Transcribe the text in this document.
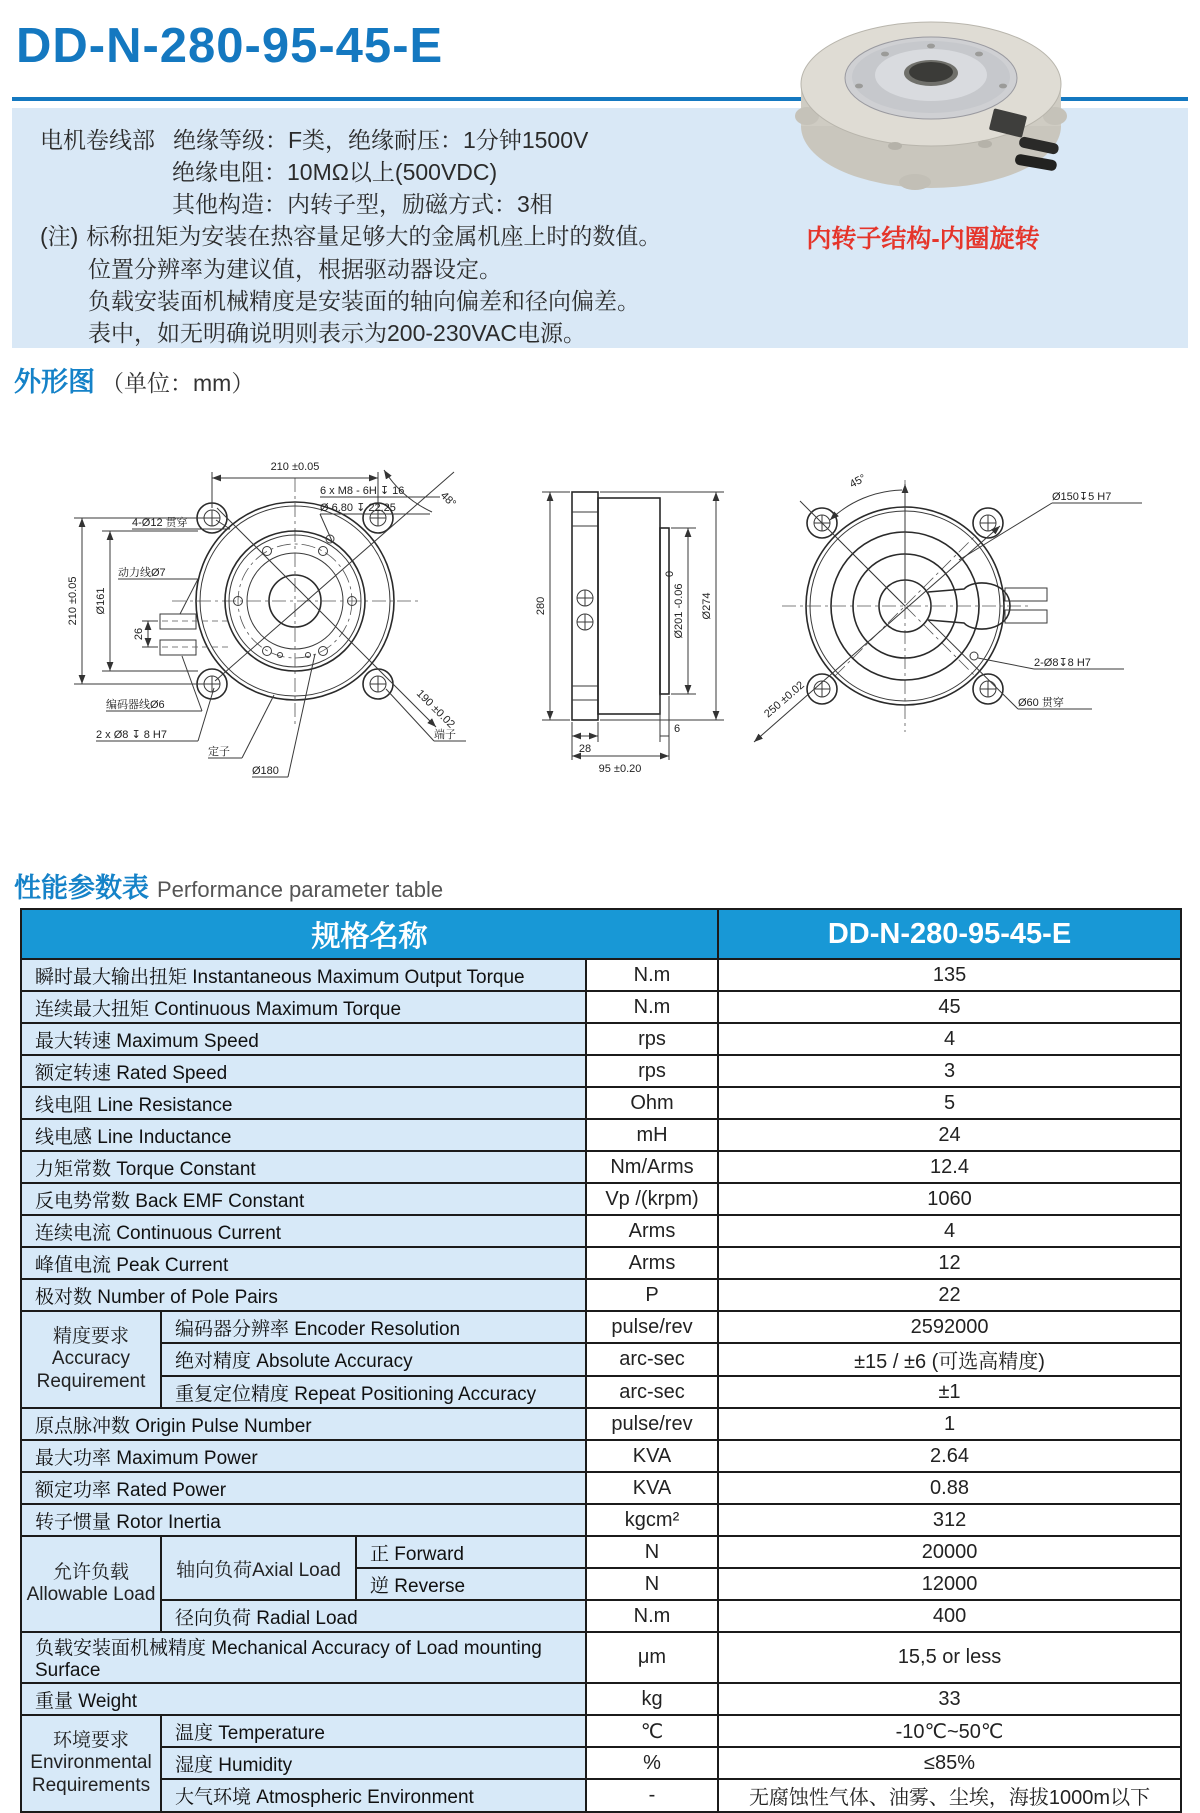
DD-N-280-95-45-E
电机卷线部 绝缘等级：F类，绝缘耐压：1分钟1500V
绝缘电阻：10MΩ以上(500VDC)
其他构造：内转子型，励磁方式：3相
(注) 标称扭矩为安装在热容量足够大的金属机座上时的数值。
位置分辨率为建议值，根据驱动器设定。
负载安装面机械精度是安装面的轴向偏差和径向偏差。
表中，如无明确说明则表示为200-230VAC电源。
内转子结构-内圈旋转
外形图 （单位：mm）
210 ±0.05
6 x M8 - 6H ↧ 16
Ø 6.80 ↧ 22.25
4-Ø12 贯穿
210 ±0.05 Ø161
26
动力线Ø7
编码器线Ø6
2 x Ø8 ↧ 8 H7
定子
Ø180
端子
190 ±0.02
48°
280	Ø201 -0.06
0
Ø274
28
6
95 ±0.20
45°
Ø150↧5 H7
2-Ø8↧8 H7
Ø60 贯穿
250 ±0.02
性能参数表 Performance parameter table
规格名称				DD-N-280-95-45-E
瞬时最大输出扭矩 Instantaneous Maximum Output Torque			N.m	135
连续最大扭矩 Continuous Maximum Torque			N.m	45
最大转速 Maximum Speed			rps	4
额定转速 Rated Speed			rps	3
线电阻 Line Resistance			Ohm	5
线电感 Line Inductance			mH	24
力矩常数 Torque Constant			Nm/Arms	12.4
反电势常数 Back EMF Constant			Vp /(krpm)	1060
连续电流 Continuous Current			Arms	4
峰值电流 Peak Current			Arms	12
极对数 Number of Pole Pairs			P	22

精度要求
Accuracy
Requirement	编码器分辨率 Encoder Resolution		pulse/rev	2592000
	绝对精度 Absolute Accuracy		arc-sec	±15 / ±6 (可选高精度)
	重复定位精度 Repeat Positioning Accuracy		arc-sec	±1
原点脉冲数 Origin Pulse Number			pulse/rev	1
最大功率 Maximum Power			KVA	2.64
额定功率 Rated Power			KVA	0.88
转子惯量 Rotor Inertia			kgcm²	312

允许负载
Allowable Load	轴向负荷Axial Load	正 Forward	N	20000
		逆 Reverse	N	12000
	径向负荷 Radial Load		N.m	400
负载安装面机械精度 Mechanical Accuracy of Load mounting Surface			μm	15,5 or less
重量 Weight			kg	33

环境要求
Environmental
Requirements	温度 Temperature		℃	-10℃~50℃
	湿度 Humidity		%	≤85%
	大气环境 Atmospheric Environment		-	无腐蚀性气体、油雾、尘埃，海拔1000m以下
